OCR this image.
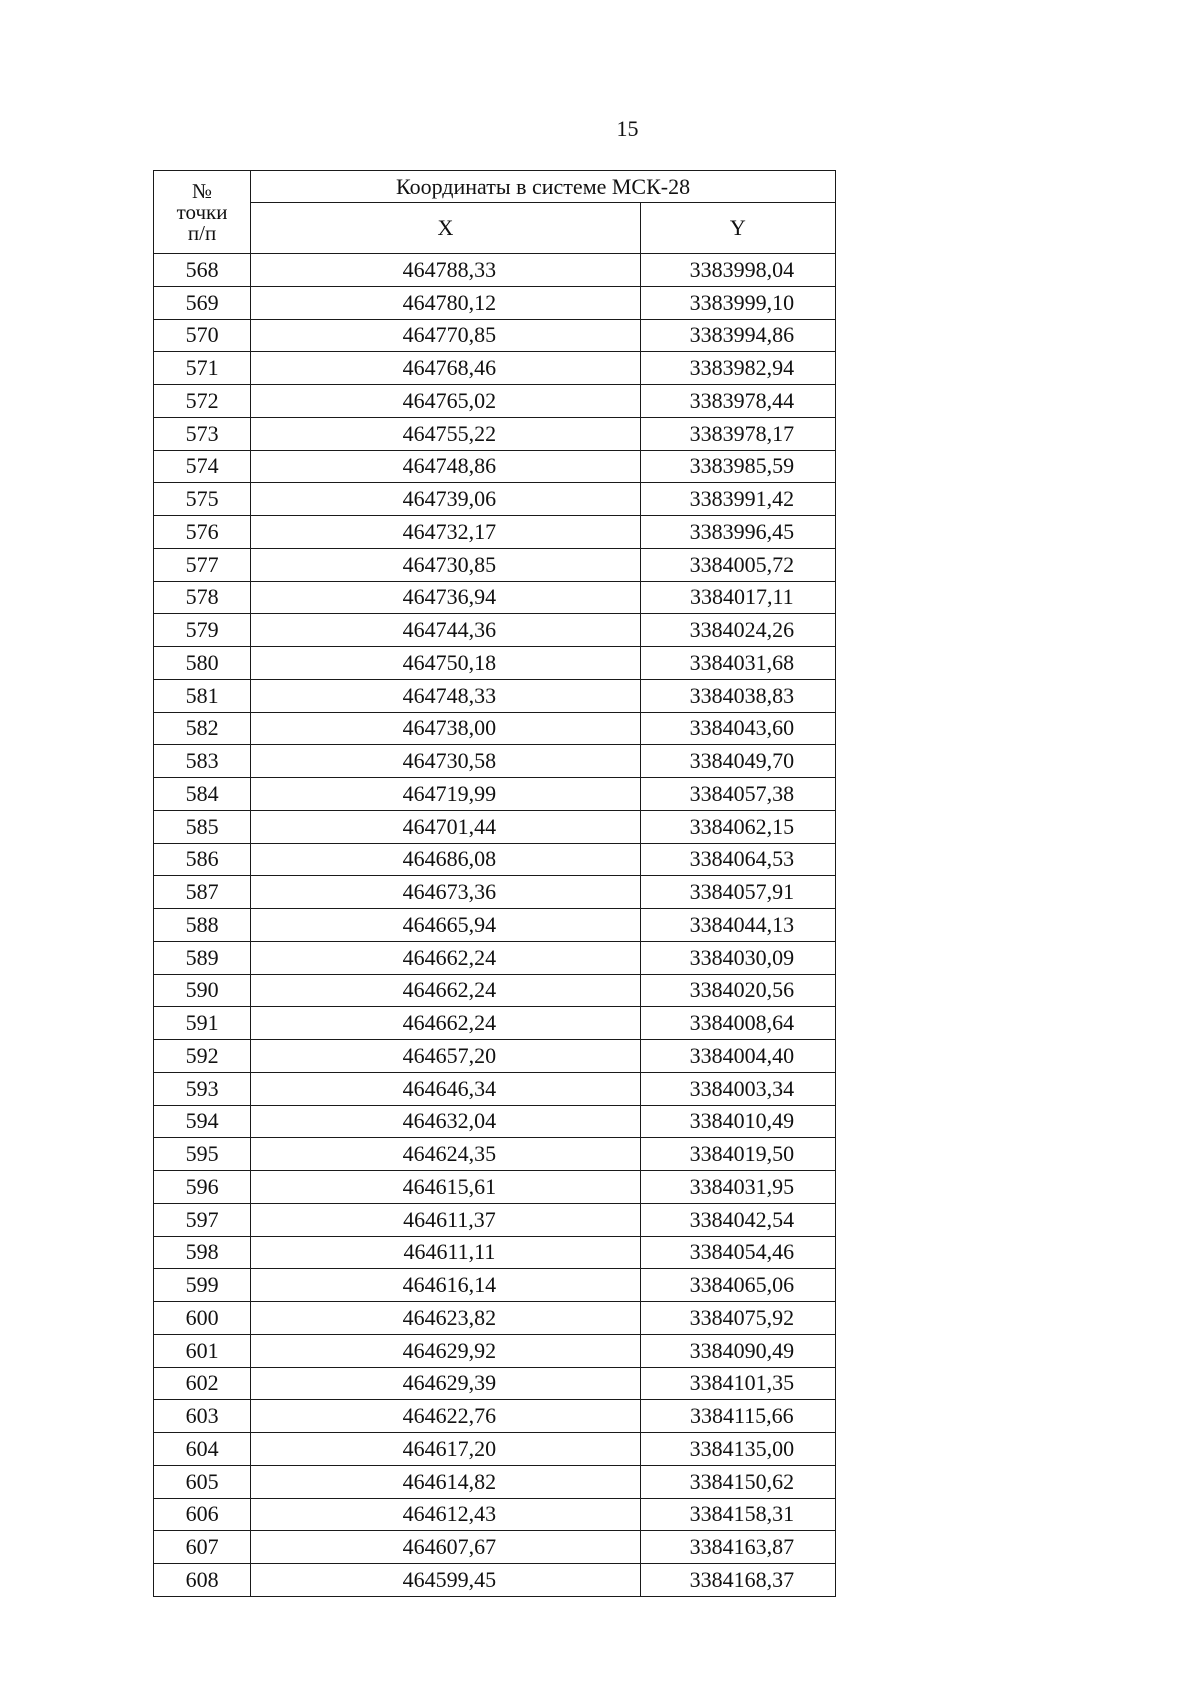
15
№
точки
п/п	Координаты в системе МСК-28	
	X	Y
568	464788,33	3383998,04
569	464780,12	3383999,10
570	464770,85	3383994,86
571	464768,46	3383982,94
572	464765,02	3383978,44
573	464755,22	3383978,17
574	464748,86	3383985,59
575	464739,06	3383991,42
576	464732,17	3383996,45
577	464730,85	3384005,72
578	464736,94	3384017,11
579	464744,36	3384024,26
580	464750,18	3384031,68
581	464748,33	3384038,83
582	464738,00	3384043,60
583	464730,58	3384049,70
584	464719,99	3384057,38
585	464701,44	3384062,15
586	464686,08	3384064,53
587	464673,36	3384057,91
588	464665,94	3384044,13
589	464662,24	3384030,09
590	464662,24	3384020,56
591	464662,24	3384008,64
592	464657,20	3384004,40
593	464646,34	3384003,34
594	464632,04	3384010,49
595	464624,35	3384019,50
596	464615,61	3384031,95
597	464611,37	3384042,54
598	464611,11	3384054,46
599	464616,14	3384065,06
600	464623,82	3384075,92
601	464629,92	3384090,49
602	464629,39	3384101,35
603	464622,76	3384115,66
604	464617,20	3384135,00
605	464614,82	3384150,62
606	464612,43	3384158,31
607	464607,67	3384163,87
608	464599,45	3384168,37
